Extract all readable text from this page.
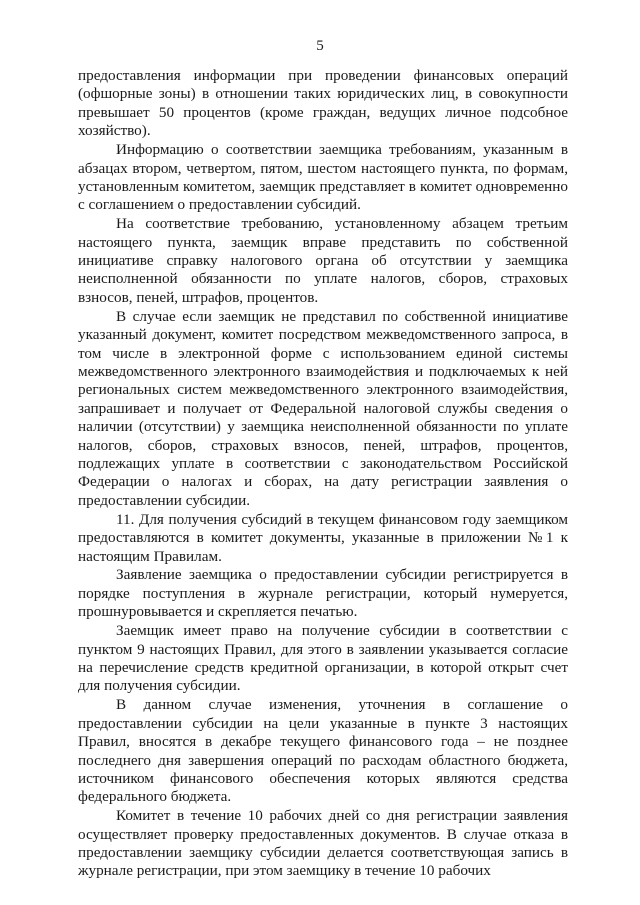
5

предоставления информации при проведении финансовых операций (офшорные зоны) в отношении таких юридических лиц, в совокупности превышает 50 процентов (кроме граждан, ведущих личное подсобное хозяйство).

Информацию о соответствии заемщика требованиям, указанным в абзацах втором, четвертом, пятом, шестом настоящего пункта, по формам, установленным комитетом, заемщик представляет в комитет одновременно с соглашением о предоставлении субсидий.

На соответствие требованию, установленному абзацем третьим настоящего пункта, заемщик вправе представить по собственной инициативе справку налогового органа об отсутствии у заемщика неисполненной обязанности по уплате налогов, сборов, страховых взносов, пеней, штрафов, процентов.

В случае если заемщик не представил по собственной инициативе указанный документ, комитет посредством межведомственного запроса, в том числе в электронной форме с использованием единой системы межведомственного электронного взаимодействия и подключаемых к ней региональных систем межведомственного электронного взаимодействия, запрашивает и получает от Федеральной налоговой службы сведения о наличии (отсутствии) у заемщика неисполненной обязанности по уплате налогов, сборов, страховых взносов, пеней, штрафов, процентов, подлежащих уплате в соответствии с законодательством Российской Федерации о налогах и сборах, на дату регистрации заявления о предоставлении субсидии.

11. Для получения субсидий в текущем финансовом году заемщиком предоставляются в комитет документы, указанные в приложении №1 к настоящим Правилам.

Заявление заемщика о предоставлении субсидии регистрируется в порядке поступления в журнале регистрации, который нумеруется, прошнуровывается и скрепляется печатью.

Заемщик имеет право на получение субсидии в соответствии с пунктом 9 настоящих Правил, для этого в заявлении указывается согласие на перечисление средств кредитной организации, в которой открыт счет для получения субсидии.

В данном случае изменения, уточнения в соглашение о предоставлении субсидии на цели указанные в пункте 3 настоящих Правил, вносятся в декабре текущего финансового года – не позднее последнего дня завершения операций по расходам областного бюджета, источником финансового обеспечения которых являются средства федерального бюджета.

Комитет в течение 10 рабочих дней со дня регистрации заявления осуществляет проверку предоставленных документов. В случае отказа в предоставлении заемщику субсидии делается соответствующая запись в журнале регистрации, при этом заемщику в течение 10 рабочих
